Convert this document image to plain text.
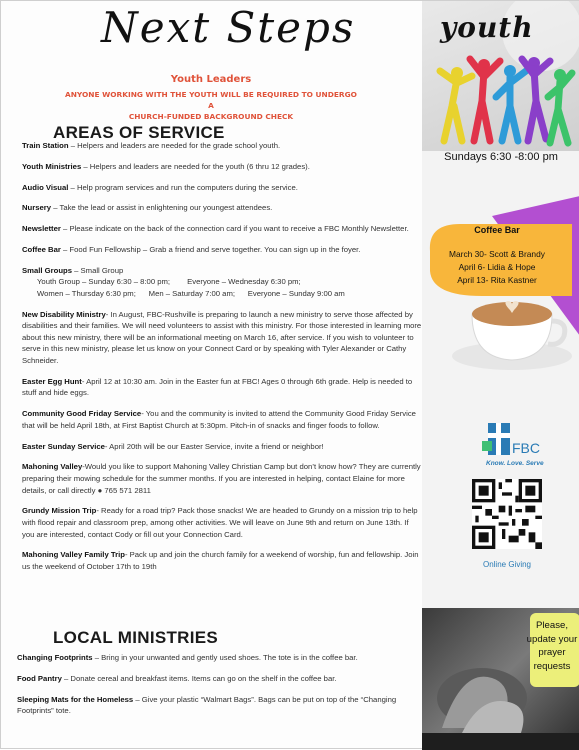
Next Steps
Youth Leaders
ANYONE WORKING WITH THE YOUTH WILL BE REQUIRED TO UNDERGO A
CHURCH-FUNDED BACKGROUND CHECK
AREAS OF SERVICE

Train Station – Helpers and leaders are needed for the grade school youth.

Youth Ministries – Helpers and leaders are needed for the youth (6 thru 12 grades).

Audio Visual – Help program services and run the computers during the service.

Nursery – Take the lead or assist in enlightening our youngest attendees.

Newsletter – Please indicate on the back of the connection card if you want to receive a FBC Monthly Newsletter.

Coffee Bar – Food Fun Fellowship – Grab a friend and serve together. You can sign up in the foyer.

Small Groups – Small Group

Youth Group – Sunday 6:30 – 8:00 pm;        Everyone – Wednesday 6:30 pm;

Women – Thursday 6:30 pm;      Men – Saturday 7:00 am;      Everyone – Sunday 9:00 am

New Disability Ministry- In August, FBC-Rushville is preparing to launch a new ministry to serve those affected by disabilities and their families. We will need volunteers to assist with this ministry. For those interested in learning more about this new ministry, there will be an informational meeting on March 16, after service. If you wish to volunteer to serve in this new ministry, please let us know on your Connect Card or by speaking with Tyler Alexander or Cathy Schneider.

Easter Egg Hunt- April 12 at 10:30 am. Join in the Easter fun at FBC! Ages 0 through 6th grade. Help is needed to stuff and hide eggs.

Community Good Friday Service- You and the community is invited to attend the Community Good Friday Service that will be held April 18th, at First Baptist Church at 5:30pm. Pitch-in of snacks and finger foods to follow.

Easter Sunday Service- April 20th will be our Easter Service, invite a friend or neighbor!

Mahoning Valley-Would you like to support Mahoning Valley Christian Camp but don’t know how? They are currently preparing their mowing schedule for the summer months. If you are interested in helping, contact Elaine for more details, or call directly ● 765 571 2811

Grundy Mission Trip- Ready for a road trip? Pack those snacks! We are headed to Grundy on a mission trip to help with flood repair and classroom prep, among other activities. We will leave on June 9th and return on June 13th. If you are interested, contact Cody or fill out your Connection Card.

Mahoning Valley Family Trip- Pack up and join the church family for a weekend of worship, fun and fellowship. Join us the weekend of October 17th to 19th

LOCAL MINISTRIES

Changing Footprints – Bring in your unwanted and gently used shoes. The tote is in the coffee bar.

Food Pantry – Donate cereal and breakfast items. Items can go on the shelf in the coffee bar.

Sleeping Mats for the Homeless – Give your plastic “Walmart Bags”. Bags can be put on top of the “Changing Footprints” tote.

youth
Sundays 6:30 -8:00 pm
Coffee Bar
March 30- Scott & Brandy
April 6- Lidia & Hope
April 13- Rita Kastner
FBC
Know. Love. Serve
Online Giving
Please,
update your
prayer
requests
